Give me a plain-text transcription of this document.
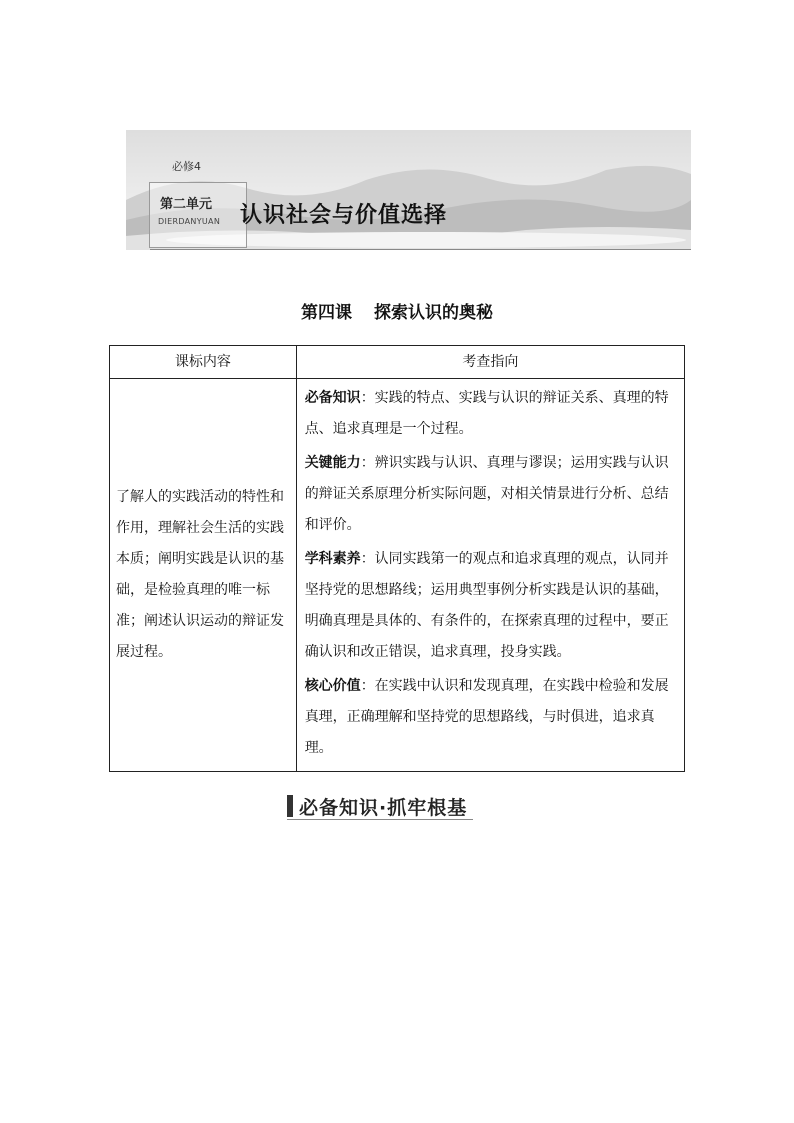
必修4
第二单元
DIERDANYUAN 认识社会与价值选择
第四课 探索认识的奥秘
课标内容	考查指向
了解人的实践活动的特性和作用，理解社会生活的实践本质；阐明实践是认识的基础，是检验真理的唯一标准；阐述认识运动的辩证发展过程。	必备知识：实践的特点、实践与认识的辩证关系、真理的特点、追求真理是一个过程。

关键能力：辨识实践与认识、真理与谬误；运用实践与认识的辩证关系原理分析实际问题，对相关情景进行分析、总结和评价。

学科素养：认同实践第一的观点和追求真理的观点，认同并坚持党的思想路线；运用典型事例分析实践是认识的基础，明确真理是具体的、有条件的，在探索真理的过程中，要正确认识和改正错误，追求真理，投身实践。

核心价值：在实践中认识和发现真理，在实践中检验和发展真理，正确理解和坚持党的思想路线，与时俱进，追求真理。

必备知识·抓牢根基
